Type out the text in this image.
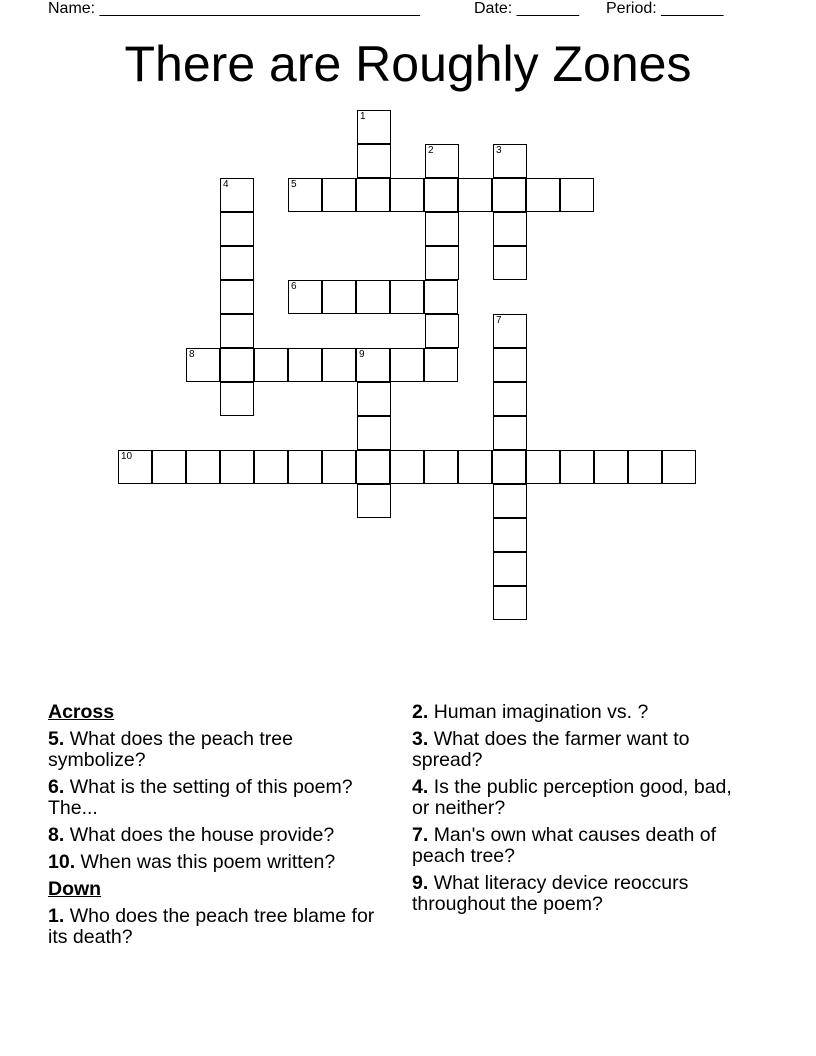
Name: ____________________________________	Date: _______ Period: _______
There are Roughly Zones
1
2	3
4	5
6
7
8	9
10
Across
5. What does the peach tree symbolize?
6. What is the setting of this poem? The...
8. What does the house provide?
10. When was this poem written?
Down
1. Who does the peach tree blame for its death?
2. Human imagination vs. ?
3. What does the farmer want to spread?
4. Is the public perception good, bad, or neither?
7. Man's own what causes death of peach tree?
9. What literacy device reoccurs throughout the poem?
